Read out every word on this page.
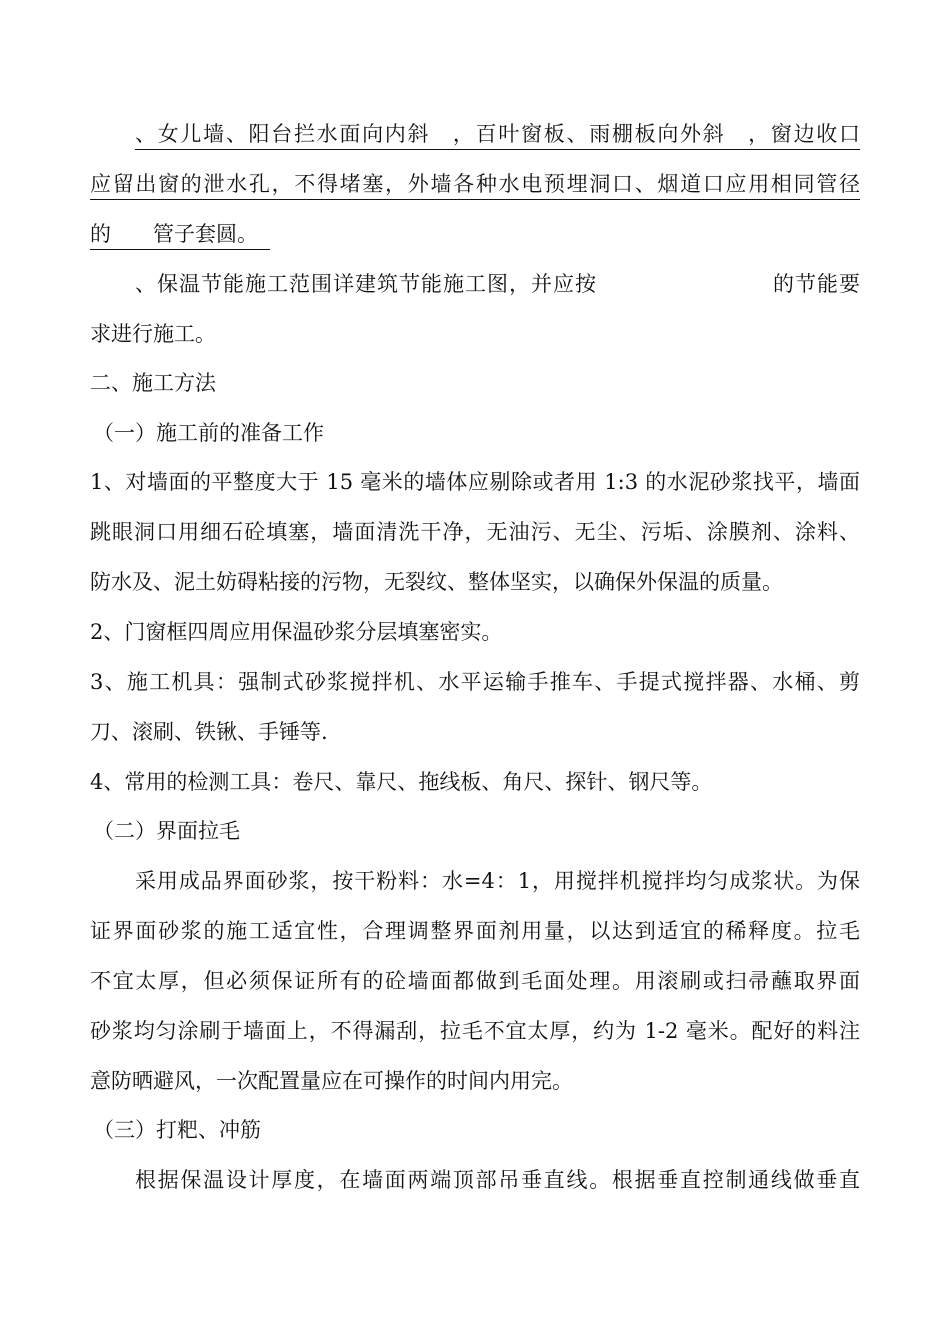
、女儿墙、阳台拦水面向内斜　，百叶窗板、雨棚板向外斜　，窗边收口
应留出窗的泄水孔，不得堵塞，外墙各种水电预埋洞口、烟道口应用相同管径
的　　管子套圆。
、保温节能施工范围详建筑节能施工图，并应按　　　　　　　　的节能要
求进行施工。
二、施工方法
（一）施工前的准备工作
1、对墙面的平整度大于 15 毫米的墙体应剔除或者用 1:3 的水泥砂浆找平，墙面
跳眼洞口用细石砼填塞，墙面清洗干净，无油污、无尘、污垢、涂膜剂、涂料、
防水及、泥土妨碍粘接的污物，无裂纹、整体坚实，以确保外保温的质量。
2、门窗框四周应用保温砂浆分层填塞密实。
3、施工机具：强制式砂浆搅拌机、水平运输手推车、手提式搅拌器、水桶、剪
刀、滚刷、铁锹、手锤等.
4、常用的检测工具：卷尺、靠尺、拖线板、角尺、探针、钢尺等。
（二）界面拉毛
采用成品界面砂浆，按干粉料：水=4：1，用搅拌机搅拌均匀成浆状。为保
证界面砂浆的施工适宜性，合理调整界面剂用量，以达到适宜的稀释度。拉毛
不宜太厚，但必须保证所有的砼墙面都做到毛面处理。用滚刷或扫帚蘸取界面
砂浆均匀涂刷于墙面上，不得漏刮，拉毛不宜太厚，约为 1-2 毫米。配好的料注
意防晒避风，一次配置量应在可操作的时间内用完。
（三）打粑、冲筋
根据保温设计厚度，在墙面两端顶部吊垂直线。根据垂直控制通线做垂直
